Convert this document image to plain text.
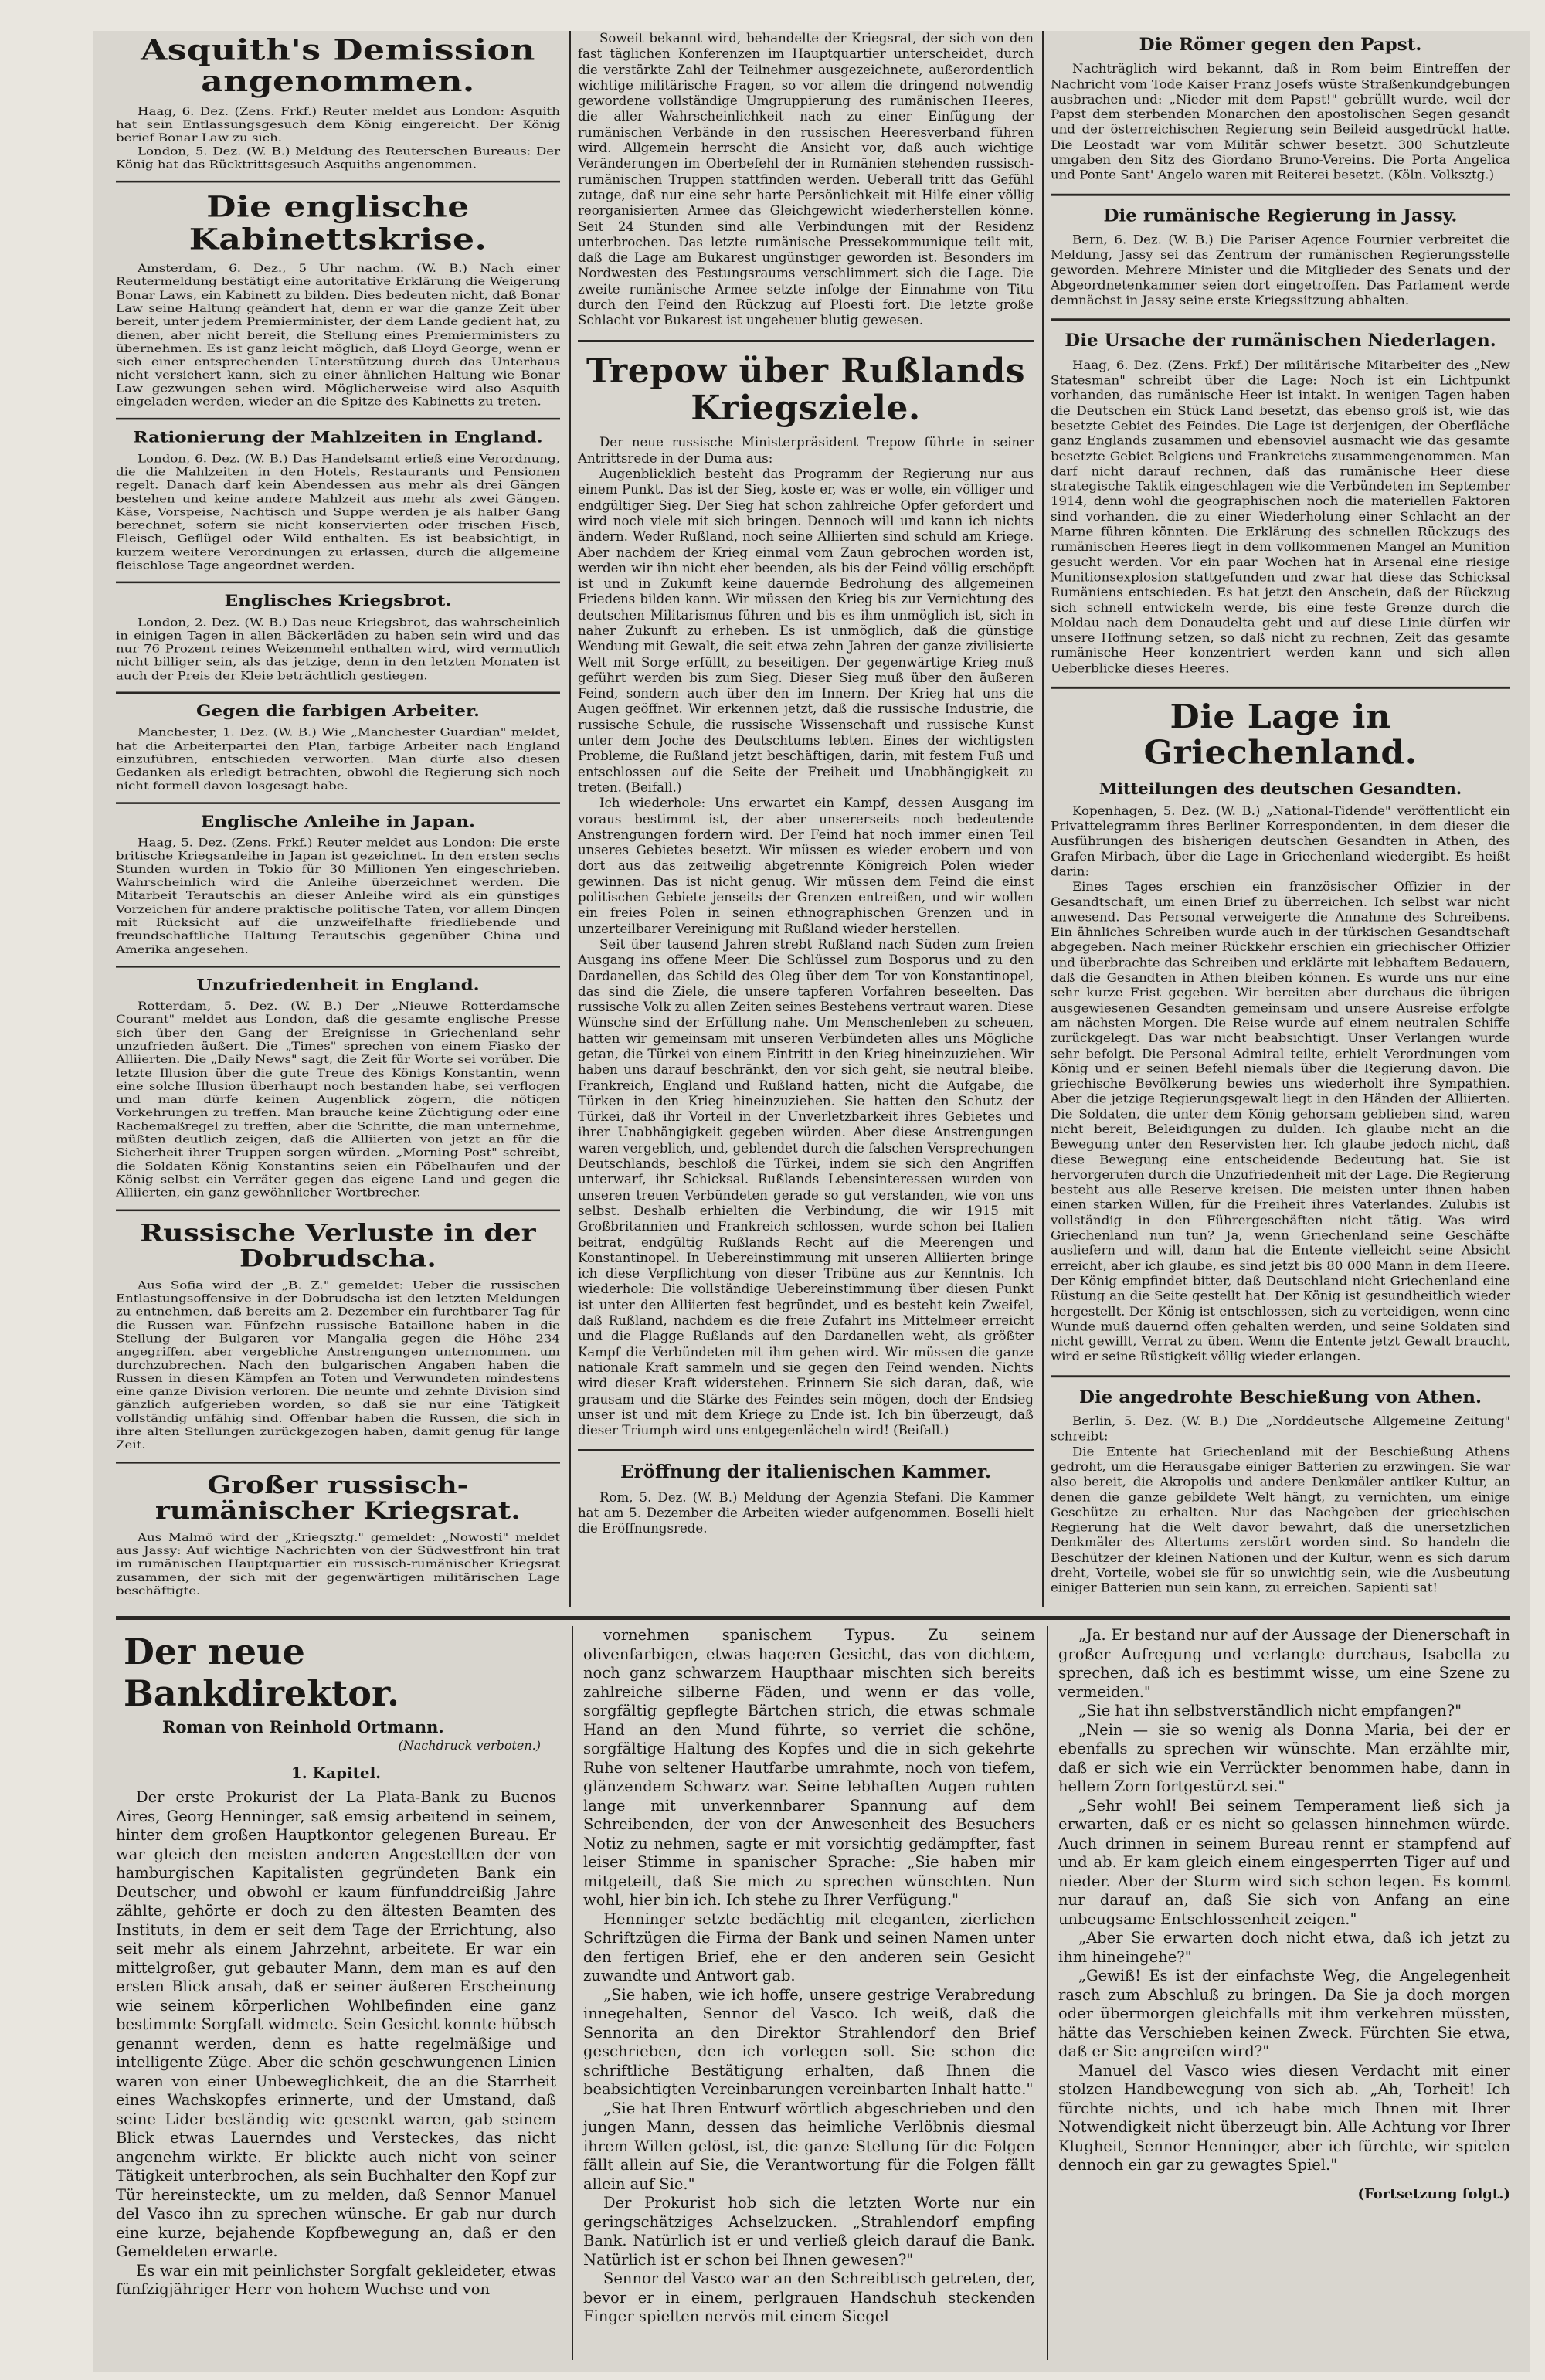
Asquith's Demission angenommen.

Haag, 6. Dez. (Zens. Frkf.) Reuter meldet aus London: Asquith hat sein Entlassungsgesuch dem König eingereicht. Der König berief Bonar Law zu sich.

London, 5. Dez. (W. B.) Meldung des Reuterschen Bureaus: Der König hat das Rücktrittsgesuch Asquiths angenommen.

Die englische Kabinettskrise.

Amsterdam, 6. Dez., 5 Uhr nachm. (W. B.) Nach einer Reutermeldung bestätigt eine autoritative Erklärung die Weigerung Bonar Laws, ein Kabinett zu bilden. Dies bedeuten nicht, daß Bonar Law seine Haltung geändert hat, denn er war die ganze Zeit über bereit, unter jedem Premierminister, der dem Lande gedient hat, zu dienen, aber nicht bereit, die Stellung eines Premierministers zu übernehmen. Es ist ganz leicht möglich, daß Lloyd George, wenn er sich einer entsprechenden Unterstützung durch das Unterhaus nicht versichert kann, sich zu einer ähnlichen Haltung wie Bonar Law gezwungen sehen wird. Möglicherweise wird also Asquith eingeladen werden, wieder an die Spitze des Kabinetts zu treten.

Rationierung der Mahlzeiten in England.

London, 6. Dez. (W. B.) Das Handelsamt erließ eine Verordnung, die die Mahlzeiten in den Hotels, Restaurants und Pensionen regelt. Danach darf kein Abendessen aus mehr als drei Gängen bestehen und keine andere Mahlzeit aus mehr als zwei Gängen. Käse, Vorspeise, Nachtisch und Suppe werden je als halber Gang berechnet, sofern sie nicht konservierten oder frischen Fisch, Fleisch, Geflügel oder Wild enthalten. Es ist beabsichtigt, in kurzem weitere Verordnungen zu erlassen, durch die allgemeine fleischlose Tage angeordnet werden.

Englisches Kriegsbrot.

London, 2. Dez. (W. B.) Das neue Kriegsbrot, das wahrscheinlich in einigen Tagen in allen Bäckerläden zu haben sein wird und das nur 76 Prozent reines Weizenmehl enthalten wird, wird vermutlich nicht billiger sein, als das jetzige, denn in den letzten Monaten ist auch der Preis der Kleie beträchtlich gestiegen.

Gegen die farbigen Arbeiter.

Manchester, 1. Dez. (W. B.) Wie „Manchester Guardian" meldet, hat die Arbeiterpartei den Plan, farbige Arbeiter nach England einzuführen, entschieden verworfen. Man dürfe also diesen Gedanken als erledigt betrachten, obwohl die Regierung sich noch nicht formell davon losgesagt habe.

Englische Anleihe in Japan.

Haag, 5. Dez. (Zens. Frkf.) Reuter meldet aus London: Die erste britische Kriegsanleihe in Japan ist gezeichnet. In den ersten sechs Stunden wurden in Tokio für 30 Millionen Yen eingeschrieben. Wahrscheinlich wird die Anleihe überzeichnet werden. Die Mitarbeit Terautschis an dieser Anleihe wird als ein günstiges Vorzeichen für andere praktische politische Taten, vor allem Dingen mit Rücksicht auf die unzweifelhafte friedliebende und freundschaftliche Haltung Terautschis gegenüber China und Amerika angesehen.

Unzufriedenheit in England.

Rotterdam, 5. Dez. (W. B.) Der „Nieuwe Rotterdamsche Courant" meldet aus London, daß die gesamte englische Presse sich über den Gang der Ereignisse in Griechenland sehr unzufrieden äußert. Die „Times" sprechen von einem Fiasko der Alliierten. Die „Daily News" sagt, die Zeit für Worte sei vorüber. Die letzte Illusion über die gute Treue des Königs Konstantin, wenn eine solche Illusion überhaupt noch bestanden habe, sei verflogen und man dürfe keinen Augenblick zögern, die nötigen Vorkehrungen zu treffen. Man brauche keine Züchtigung oder eine Rachemaßregel zu treffen, aber die Schritte, die man unternehme, müßten deutlich zeigen, daß die Alliierten von jetzt an für die Sicherheit ihrer Truppen sorgen würden. „Morning Post" schreibt, die Soldaten König Konstantins seien ein Pöbelhaufen und der König selbst ein Verräter gegen das eigene Land und gegen die Alliierten, ein ganz gewöhnlicher Wortbrecher.

Russische Verluste in der Dobrudscha.

Aus Sofia wird der „B. Z." gemeldet: Ueber die russischen Entlastungsoffensive in der Dobrudscha ist den letzten Meldungen zu entnehmen, daß bereits am 2. Dezember ein furchtbarer Tag für die Russen war. Fünfzehn russische Bataillone haben in die Stellung der Bulgaren vor Mangalia gegen die Höhe 234 angegriffen, aber vergebliche Anstrengungen unternommen, um durchzubrechen. Nach den bulgarischen Angaben haben die Russen in diesen Kämpfen an Toten und Verwundeten mindestens eine ganze Division verloren. Die neunte und zehnte Division sind gänzlich aufgerieben worden, so daß sie nur eine Tätigkeit vollständig unfähig sind. Offenbar haben die Russen, die sich in ihre alten Stellungen zurückgezogen haben, damit genug für lange Zeit.

Großer russisch-rumänischer Kriegsrat.

Aus Malmö wird der „Kriegsztg." gemeldet: „Nowosti" meldet aus Jassy: Auf wichtige Nachrichten von der Südwestfront hin trat im rumänischen Hauptquartier ein russisch-rumänischer Kriegsrat zusammen, der sich mit der gegenwärtigen militärischen Lage beschäftigte.

Soweit bekannt wird, behandelte der Kriegsrat, der sich von den fast täglichen Konferenzen im Hauptquartier unterscheidet, durch die verstärkte Zahl der Teilnehmer ausgezeichnete, außerordentlich wichtige militärische Fragen, so vor allem die dringend notwendig gewordene vollständige Umgruppierung des rumänischen Heeres, die aller Wahrscheinlichkeit nach zu einer Einfügung der rumänischen Verbände in den russischen Heeresverband führen wird. Allgemein herrscht die Ansicht vor, daß auch wichtige Veränderungen im Oberbefehl der in Rumänien stehenden russisch-rumänischen Truppen stattfinden werden. Ueberall tritt das Gefühl zutage, daß nur eine sehr harte Persönlichkeit mit Hilfe einer völlig reorganisierten Armee das Gleichgewicht wiederherstellen könne. Seit 24 Stunden sind alle Verbindungen mit der Residenz unterbrochen. Das letzte rumänische Pressekommunique teilt mit, daß die Lage am Bukarest ungünstiger geworden ist. Besonders im Nordwesten des Festungsraums verschlimmert sich die Lage. Die zweite rumänische Armee setzte infolge der Einnahme von Titu durch den Feind den Rückzug auf Ploesti fort. Die letzte große Schlacht vor Bukarest ist ungeheuer blutig gewesen.

Trepow über Rußlands Kriegsziele.

Der neue russische Ministerpräsident Trepow führte in seiner Antrittsrede in der Duma aus:

Augenblicklich besteht das Programm der Regierung nur aus einem Punkt. Das ist der Sieg, koste er, was er wolle, ein völliger und endgültiger Sieg. Der Sieg hat schon zahlreiche Opfer gefordert und wird noch viele mit sich bringen. Dennoch will und kann ich nichts ändern. Weder Rußland, noch seine Alliierten sind schuld am Kriege. Aber nachdem der Krieg einmal vom Zaun gebrochen worden ist, werden wir ihn nicht eher beenden, als bis der Feind völlig erschöpft ist und in Zukunft keine dauernde Bedrohung des allgemeinen Friedens bilden kann. Wir müssen den Krieg bis zur Vernichtung des deutschen Militarismus führen und bis es ihm unmöglich ist, sich in naher Zukunft zu erheben. Es ist unmöglich, daß die günstige Wendung mit Gewalt, die seit etwa zehn Jahren der ganze zivilisierte Welt mit Sorge erfüllt, zu beseitigen. Der gegenwärtige Krieg muß geführt werden bis zum Sieg. Dieser Sieg muß über den äußeren Feind, sondern auch über den im Innern. Der Krieg hat uns die Augen geöffnet. Wir erkennen jetzt, daß die russische Industrie, die russische Schule, die russische Wissenschaft und russische Kunst unter dem Joche des Deutschtums lebten. Eines der wichtigsten Probleme, die Rußland jetzt beschäftigen, darin, mit festem Fuß und entschlossen auf die Seite der Freiheit und Unabhängigkeit zu treten. (Beifall.)

Ich wiederhole: Uns erwartet ein Kampf, dessen Ausgang im voraus bestimmt ist, der aber unsererseits noch bedeutende Anstrengungen fordern wird. Der Feind hat noch immer einen Teil unseres Gebietes besetzt. Wir müssen es wieder erobern und von dort aus das zeitweilig abgetrennte Königreich Polen wieder gewinnen. Das ist nicht genug. Wir müssen dem Feind die einst politischen Gebiete jenseits der Grenzen entreißen, und wir wollen ein freies Polen in seinen ethnographischen Grenzen und in unzerteilbarer Vereinigung mit Rußland wieder herstellen.

Seit über tausend Jahren strebt Rußland nach Süden zum freien Ausgang ins offene Meer. Die Schlüssel zum Bosporus und zu den Dardanellen, das Schild des Oleg über dem Tor von Konstantinopel, das sind die Ziele, die unsere tapferen Vorfahren beseelten. Das russische Volk zu allen Zeiten seines Bestehens vertraut waren. Diese Wünsche sind der Erfüllung nahe. Um Menschenleben zu scheuen, hatten wir gemeinsam mit unseren Verbündeten alles uns Mögliche getan, die Türkei von einem Eintritt in den Krieg hineinzuziehen. Wir haben uns darauf beschränkt, den vor sich geht, sie neutral bleibe. Frankreich, England und Rußland hatten, nicht die Aufgabe, die Türken in den Krieg hineinzuziehen. Sie hatten den Schutz der Türkei, daß ihr Vorteil in der Unverletzbarkeit ihres Gebietes und ihrer Unabhängigkeit gegeben würden. Aber diese Anstrengungen waren vergeblich, und, geblendet durch die falschen Versprechungen Deutschlands, beschloß die Türkei, indem sie sich den Angriffen unterwarf, ihr Schicksal. Rußlands Lebensinteressen wurden von unseren treuen Verbündeten gerade so gut verstanden, wie von uns selbst. Deshalb erhielten die Verbindung, die wir 1915 mit Großbritannien und Frankreich schlossen, wurde schon bei Italien beitrat, endgültig Rußlands Recht auf die Meerengen und Konstantinopel. In Uebereinstimmung mit unseren Alliierten bringe ich diese Verpflichtung von dieser Tribüne aus zur Kenntnis. Ich wiederhole: Die vollständige Uebereinstimmung über diesen Punkt ist unter den Alliierten fest begründet, und es besteht kein Zweifel, daß Rußland, nachdem es die freie Zufahrt ins Mittelmeer erreicht und die Flagge Rußlands auf den Dardanellen weht, als größter Kampf die Verbündeten mit ihm gehen wird. Wir müssen die ganze nationale Kraft sammeln und sie gegen den Feind wenden. Nichts wird dieser Kraft widerstehen. Erinnern Sie sich daran, daß, wie grausam und die Stärke des Feindes sein mögen, doch der Endsieg unser ist und mit dem Kriege zu Ende ist. Ich bin überzeugt, daß dieser Triumph wird uns entgegenlächeln wird! (Beifall.)

Eröffnung der italienischen Kammer.

Rom, 5. Dez. (W. B.) Meldung der Agenzia Stefani. Die Kammer hat am 5. Dezember die Arbeiten wieder aufgenommen. Boselli hielt die Eröffnungsrede.

Die Römer gegen den Papst.

Nachträglich wird bekannt, daß in Rom beim Eintreffen der Nachricht vom Tode Kaiser Franz Josefs wüste Straßenkundgebungen ausbrachen und: „Nieder mit dem Papst!" gebrüllt wurde, weil der Papst dem sterbenden Monarchen den apostolischen Segen gesandt und der österreichischen Regierung sein Beileid ausgedrückt hatte. Die Leostadt war vom Militär schwer besetzt. 300 Schutzleute umgaben den Sitz des Giordano Bruno-Vereins. Die Porta Angelica und Ponte Sant' Angelo waren mit Reiterei besetzt. (Köln. Volksztg.)

Die rumänische Regierung in Jassy.

Bern, 6. Dez. (W. B.) Die Pariser Agence Fournier verbreitet die Meldung, Jassy sei das Zentrum der rumänischen Regierungsstelle geworden. Mehrere Minister und die Mitglieder des Senats und der Abgeordnetenkammer seien dort eingetroffen. Das Parlament werde demnächst in Jassy seine erste Kriegssitzung abhalten.

Die Ursache der rumänischen Niederlagen.

Haag, 6. Dez. (Zens. Frkf.) Der militärische Mitarbeiter des „New Statesman" schreibt über die Lage: Noch ist ein Lichtpunkt vorhanden, das rumänische Heer ist intakt. In wenigen Tagen haben die Deutschen ein Stück Land besetzt, das ebenso groß ist, wie das besetzte Gebiet des Feindes. Die Lage ist derjenigen, der Oberfläche ganz Englands zusammen und ebensoviel ausmacht wie das gesamte besetzte Gebiet Belgiens und Frankreichs zusammengenommen. Man darf nicht darauf rechnen, daß das rumänische Heer diese strategische Taktik eingeschlagen wie die Verbündeten im September 1914, denn wohl die geographischen noch die materiellen Faktoren sind vorhanden, die zu einer Wiederholung einer Schlacht an der Marne führen könnten. Die Erklärung des schnellen Rückzugs des rumänischen Heeres liegt in dem vollkommenen Mangel an Munition gesucht werden. Vor ein paar Wochen hat in Arsenal eine riesige Munitionsexplosion stattgefunden und zwar hat diese das Schicksal Rumäniens entschieden. Es hat jetzt den Anschein, daß der Rückzug sich schnell entwickeln werde, bis eine feste Grenze durch die Moldau nach dem Donaudelta geht und auf diese Linie dürfen wir unsere Hoffnung setzen, so daß nicht zu rechnen, Zeit das gesamte rumänische Heer konzentriert werden kann und sich allen Ueberblicke dieses Heeres.

Die Lage in Griechenland.
Mitteilungen des deutschen Gesandten.

Kopenhagen, 5. Dez. (W. B.) „National-Tidende" veröffentlicht ein Privattelegramm ihres Berliner Korrespondenten, in dem dieser die Ausführungen des bisherigen deutschen Gesandten in Athen, des Grafen Mirbach, über die Lage in Griechenland wiedergibt. Es heißt darin:

Eines Tages erschien ein französischer Offizier in der Gesandtschaft, um einen Brief zu überreichen. Ich selbst war nicht anwesend. Das Personal verweigerte die Annahme des Schreibens. Ein ähnliches Schreiben wurde auch in der türkischen Gesandtschaft abgegeben. Nach meiner Rückkehr erschien ein griechischer Offizier und überbrachte das Schreiben und erklärte mit lebhaftem Bedauern, daß die Gesandten in Athen bleiben können. Es wurde uns nur eine sehr kurze Frist gegeben. Wir bereiten aber durchaus die übrigen ausgewiesenen Gesandten gemeinsam und unsere Ausreise erfolgte am nächsten Morgen. Die Reise wurde auf einem neutralen Schiffe zurückgelegt. Das war nicht beabsichtigt. Unser Verlangen wurde sehr befolgt. Die Personal Admiral teilte, erhielt Verordnungen vom König und er seinen Befehl niemals über die Regierung davon. Die griechische Bevölkerung bewies uns wiederholt ihre Sympathien. Aber die jetzige Regierungsgewalt liegt in den Händen der Alliierten. Die Soldaten, die unter dem König gehorsam geblieben sind, waren nicht bereit, Beleidigungen zu dulden. Ich glaube nicht an die Bewegung unter den Reservisten her. Ich glaube jedoch nicht, daß diese Bewegung eine entscheidende Bedeutung hat. Sie ist hervorgerufen durch die Unzufriedenheit mit der Lage. Die Regierung besteht aus alle Reserve kreisen. Die meisten unter ihnen haben einen starken Willen, für die Freiheit ihres Vaterlandes. Zulubis ist vollständig in den Führergeschäften nicht tätig. Was wird Griechenland nun tun? Ja, wenn Griechenland seine Geschäfte ausliefern und will, dann hat die Entente vielleicht seine Absicht erreicht, aber ich glaube, es sind jetzt bis 80 000 Mann in dem Heere. Der König empfindet bitter, daß Deutschland nicht Griechenland eine Rüstung an die Seite gestellt hat. Der König ist gesundheitlich wieder hergestellt. Der König ist entschlossen, sich zu verteidigen, wenn eine Wunde muß dauernd offen gehalten werden, und seine Soldaten sind nicht gewillt, Verrat zu üben. Wenn die Entente jetzt Gewalt braucht, wird er seine Rüstigkeit völlig wieder erlangen.

Die angedrohte Beschießung von Athen.

Berlin, 5. Dez. (W. B.) Die „Norddeutsche Allgemeine Zeitung" schreibt:

Die Entente hat Griechenland mit der Beschießung Athens gedroht, um die Herausgabe einiger Batterien zu erzwingen. Sie war also bereit, die Akropolis und andere Denkmäler antiker Kultur, an denen die ganze gebildete Welt hängt, zu vernichten, um einige Geschütze zu erhalten. Nur das Nachgeben der griechischen Regierung hat die Welt davor bewahrt, daß die unersetzlichen Denkmäler des Altertums zerstört worden sind. So handeln die Beschützer der kleinen Nationen und der Kultur, wenn es sich darum dreht, Vorteile, wobei sie für so unwichtig sein, wie die Ausbeutung einiger Batterien nun sein kann, zu erreichen. Sapienti sat!

Der neue Bankdirektor.
Roman von Reinhold Ortmann.
(Nachdruck verboten.)
1. Kapitel.

Der erste Prokurist der La Plata-Bank zu Buenos Aires, Georg Henninger, saß emsig arbeitend in seinem, hinter dem großen Hauptkontor gelegenen Bureau. Er war gleich den meisten anderen Angestellten der von hamburgischen Kapitalisten gegründeten Bank ein Deutscher, und obwohl er kaum fünfunddreißig Jahre zählte, gehörte er doch zu den ältesten Beamten des Instituts, in dem er seit dem Tage der Errichtung, also seit mehr als einem Jahrzehnt, arbeitete. Er war ein mittelgroßer, gut gebauter Mann, dem man es auf den ersten Blick ansah, daß er seiner äußeren Erscheinung wie seinem körperlichen Wohlbefinden eine ganz bestimmte Sorgfalt widmete. Sein Gesicht konnte hübsch genannt werden, denn es hatte regelmäßige und intelligente Züge. Aber die schön geschwungenen Linien waren von einer Unbeweglichkeit, die an die Starrheit eines Wachskopfes erinnerte, und der Umstand, daß seine Lider beständig wie gesenkt waren, gab seinem Blick etwas Lauerndes und Versteckes, das nicht angenehm wirkte. Er blickte auch nicht von seiner Tätigkeit unterbrochen, als sein Buchhalter den Kopf zur Tür hereinsteckte, um zu melden, daß Sennor Manuel del Vasco ihn zu sprechen wünsche. Er gab nur durch eine kurze, bejahende Kopfbewegung an, daß er den Gemeldeten erwarte.

Es war ein mit peinlichster Sorgfalt gekleideter, etwas fünfzigjähriger Herr von hohem Wuchse und von

vornehmen spanischem Typus. Zu seinem olivenfarbigen, etwas hageren Gesicht, das von dichtem, noch ganz schwarzem Haupthaar mischten sich bereits zahlreiche silberne Fäden, und wenn er das volle, sorgfältig gepflegte Bärtchen strich, die etwas schmale Hand an den Mund führte, so verriet die schöne, sorgfältige Haltung des Kopfes und die in sich gekehrte Ruhe von seltener Hautfarbe umrahmte, noch von tiefem, glänzendem Schwarz war. Seine lebhaften Augen ruhten lange mit unverkennbarer Spannung auf dem Schreibenden, der von der Anwesenheit des Besuchers Notiz zu nehmen, sagte er mit vorsichtig gedämpfter, fast leiser Stimme in spanischer Sprache: „Sie haben mir mitgeteilt, daß Sie mich zu sprechen wünschten. Nun wohl, hier bin ich. Ich stehe zu Ihrer Verfügung."

Henninger setzte bedächtig mit eleganten, zierlichen Schriftzügen die Firma der Bank und seinen Namen unter den fertigen Brief, ehe er den anderen sein Gesicht zuwandte und Antwort gab.

„Sie haben, wie ich hoffe, unsere gestrige Verabredung innegehalten, Sennor del Vasco. Ich weiß, daß die Sennorita an den Direktor Strahlendorf den Brief geschrieben, den ich vorlegen soll. Sie schon die schriftliche Bestätigung erhalten, daß Ihnen die beabsichtigten Vereinbarungen vereinbarten Inhalt hatte."

„Sie hat Ihren Entwurf wörtlich abgeschrieben und den jungen Mann, dessen das heimliche Verlöbnis diesmal ihrem Willen gelöst, ist, die ganze Stellung für die Folgen fällt allein auf Sie, die Verantwortung für die Folgen fällt allein auf Sie."

Der Prokurist hob sich die letzten Worte nur ein geringschätziges Achselzucken. „Strahlendorf empfing Bank. Natürlich ist er und verließ gleich darauf die Bank. Natürlich ist er schon bei Ihnen gewesen?"

Sennor del Vasco war an den Schreibtisch getreten, der, bevor er in einem, perlgrauen Handschuh steckenden Finger spielten nervös mit einem Siegel

„Ja. Er bestand nur auf der Aussage der Dienerschaft in großer Aufregung und verlangte durchaus, Isabella zu sprechen, daß ich es bestimmt wisse, um eine Szene zu vermeiden."

„Sie hat ihn selbstverständlich nicht empfangen?"

„Nein — sie so wenig als Donna Maria, bei der er ebenfalls zu sprechen wir wünschte. Man erzählte mir, daß er sich wie ein Verrückter benommen habe, dann in hellem Zorn fortgestürzt sei."

„Sehr wohl! Bei seinem Temperament ließ sich ja erwarten, daß er es nicht so gelassen hinnehmen würde. Auch drinnen in seinem Bureau rennt er stampfend auf und ab. Er kam gleich einem eingesperrten Tiger auf und nieder. Aber der Sturm wird sich schon legen. Es kommt nur darauf an, daß Sie sich von Anfang an eine unbeugsame Entschlossenheit zeigen."

„Aber Sie erwarten doch nicht etwa, daß ich jetzt zu ihm hineingehe?"

„Gewiß! Es ist der einfachste Weg, die Angelegenheit rasch zum Abschluß zu bringen. Da Sie ja doch morgen oder übermorgen gleichfalls mit ihm verkehren müssten, hätte das Verschieben keinen Zweck. Fürchten Sie etwa, daß er Sie angreifen wird?"

Manuel del Vasco wies diesen Verdacht mit einer stolzen Handbewegung von sich ab. „Ah, Torheit! Ich fürchte nichts, und ich habe mich Ihnen mit Ihrer Notwendigkeit nicht überzeugt bin. Alle Achtung vor Ihrer Klugheit, Sennor Henninger, aber ich fürchte, wir spielen dennoch ein gar zu gewagtes Spiel."

(Fortsetzung folgt.)
